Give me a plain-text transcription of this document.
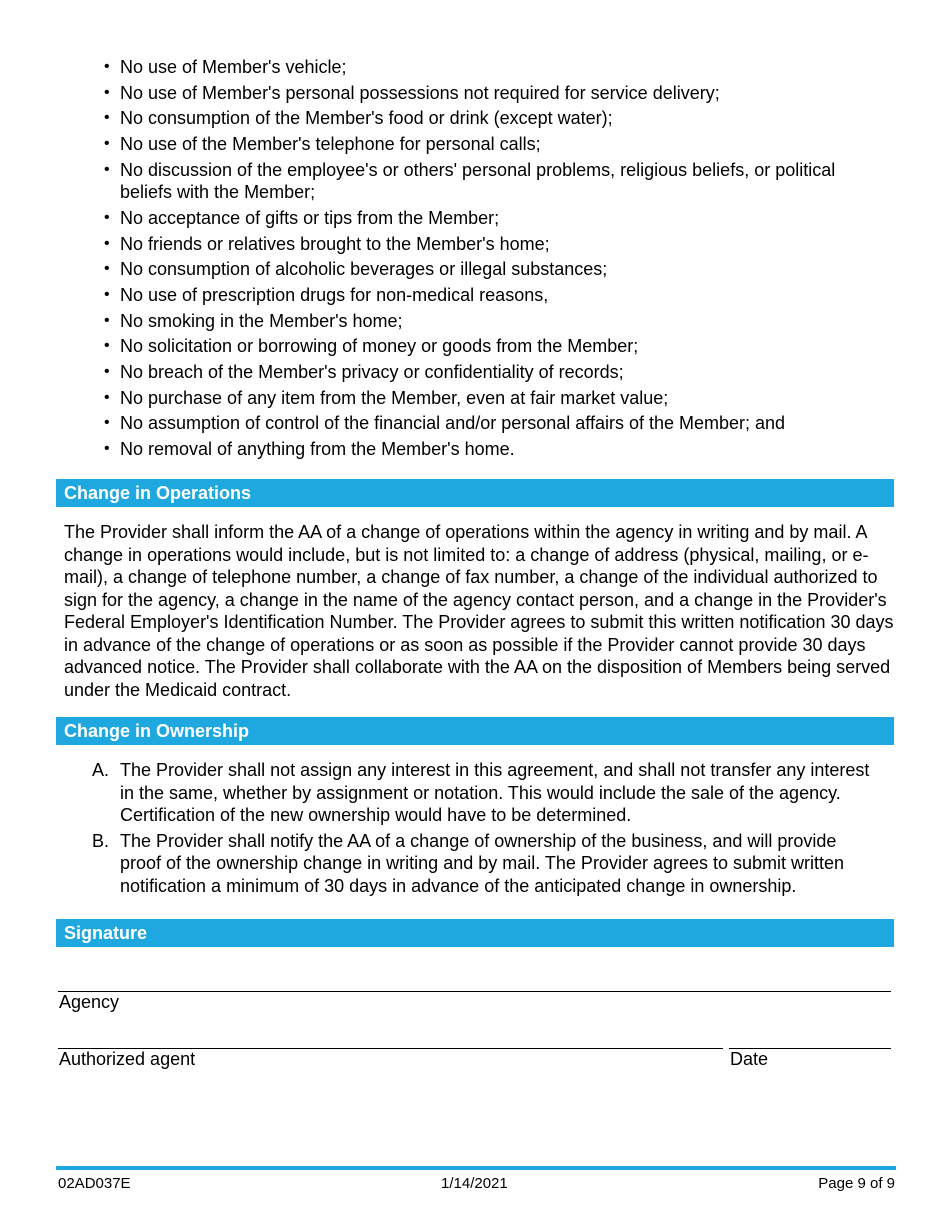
• No use of Member's vehicle;
• No use of Member's personal possessions not required for service delivery;
• No consumption of the Member's food or drink (except water);
• No use of the Member's telephone for personal calls;
• No discussion of the employee's or others' personal problems, religious beliefs, or political beliefs with the Member;
• No acceptance of gifts or tips from the Member;
• No friends or relatives brought to the Member's home;
• No consumption of alcoholic beverages or illegal substances;
• No use of prescription drugs for non-medical reasons,
• No smoking in the Member's home;
• No solicitation or borrowing of money or goods from the Member;
• No breach of the Member's privacy or confidentiality of records;
• No purchase of any item from the Member, even at fair market value;
• No assumption of control of the financial and/or personal affairs of the Member; and
• No removal of anything from the Member's home.
Change in Operations

The Provider shall inform the AA of a change of operations within the agency in writing and by mail. A change in operations would include, but is not limited to: a change of address (physical, mailing, or e-mail), a change of telephone number, a change of fax number, a change of the individual authorized to sign for the agency, a change in the name of the agency contact person, and a change in the Provider's Federal Employer's Identification Number. The Provider agrees to submit this written notification 30 days in advance of the change of operations or as soon as possible if the Provider cannot provide 30 days advanced notice. The Provider shall collaborate with the AA on the disposition of Members being served under the Medicaid contract.

Change in Ownership
A. The Provider shall not assign any interest in this agreement, and shall not transfer any interest in the same, whether by assignment or notation. This would include the sale of the agency. Certification of the new ownership would have to be determined.
B. The Provider shall notify the AA of a change of ownership of the business, and will provide proof of the ownership change in writing and by mail. The Provider agrees to submit written notification a minimum of 30 days in advance of the anticipated change in ownership.
Signature
Agency
Authorized agent	Date
02AD037E	1/14/2021	Page 9 of 9
